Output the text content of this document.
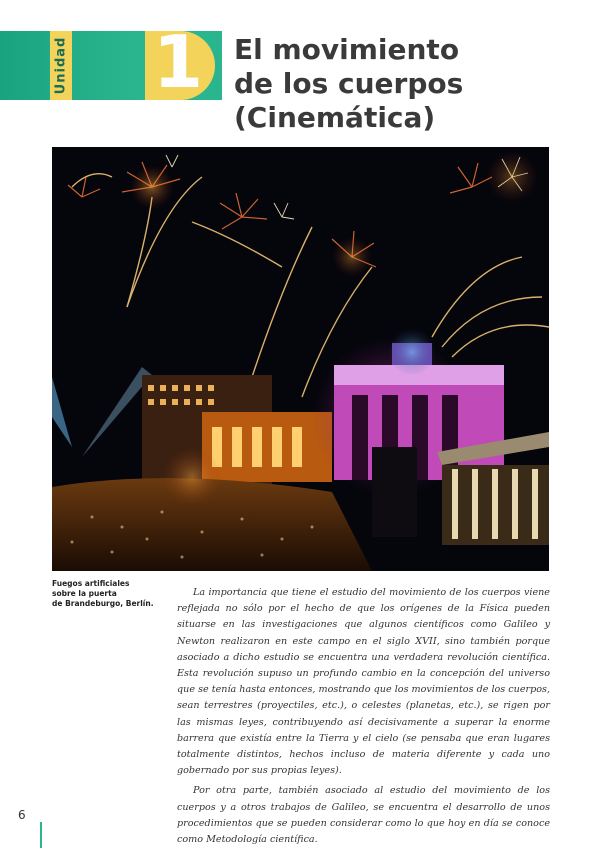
Unidad 1 El movimiento
de los cuerpos
(Cinemática)
Fuegos artificiales
sobre la puerta
de Brandeburgo, Berlín.

La importancia que tiene el estudio del movimiento de los cuerpos viene reflejada no sólo por el hecho de que los orígenes de la Física pueden situarse en las investigaciones que algunos científicos como Galileo y Newton realizaron en este campo en el siglo XVII, sino también porque asociado a dicho estudio se encuentra una verdadera revolución científica. Esta revolución supuso un profundo cambio en la concepción del universo que se tenía hasta entonces, mostrando que los movimientos de los cuerpos, sean terrestres (proyectiles, etc.), o celestes (planetas, etc.), se rigen por las mismas leyes, contribuyendo así decisivamente a superar la enorme barrera que existía entre la Tierra y el cielo (se pensaba que eran lugares totalmente distintos, hechos incluso de materia diferente y cada uno gobernado por sus propias leyes).

Por otra parte, también asociado al estudio del movimiento de los cuerpos y a otros trabajos de Galileo, se encuentra el desarrollo de unos procedimientos que se pueden considerar como lo que hoy en día se conoce como Metodología científica.

6
